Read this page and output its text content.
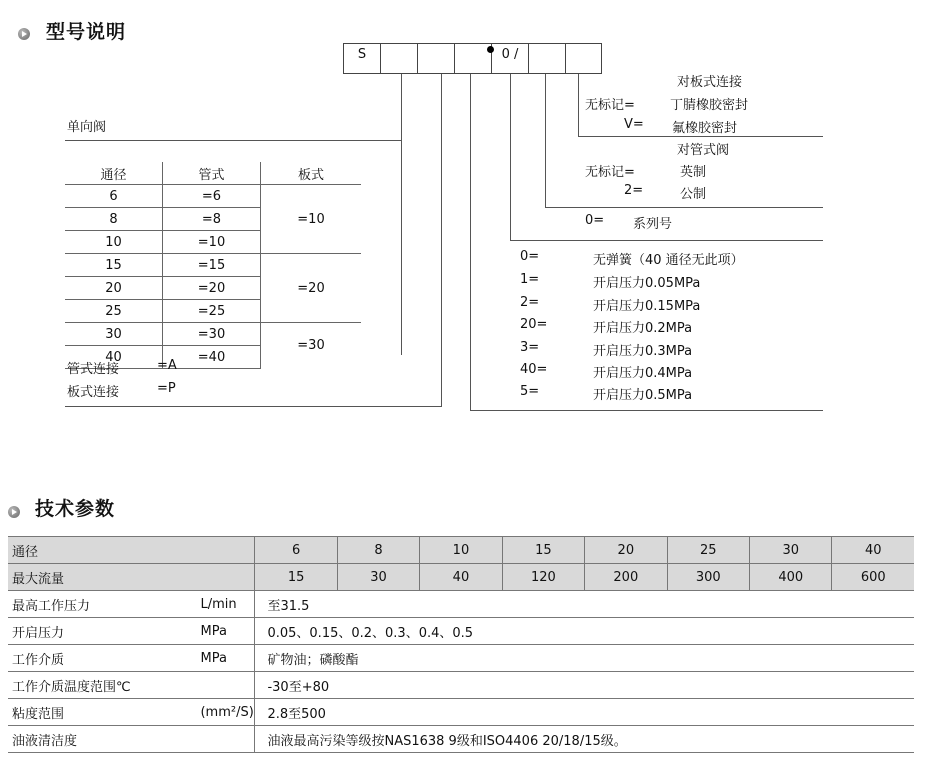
型号说明
S	0 /
单向阀
通径	管式	板式
6	=6	=10
8	=8	
10	=10	
15	=15	=20
20	=20	
25	=25	
30	=30	=30
40	=40	
管式连接	=A
板式连接	=P
对板式连接
无标记=	丁腈橡胶密封
V= 氟橡胶密封
对管式阀
无标记=	英制
2=	公制
0= 系列号
0=	无弹簧（40 通径无此项）
1=	开启压力0.05MPa
2=	开启压力0.15MPa
20=	开启压力0.2MPa
3=	开启压力0.3MPa
40=	开启压力0.4MPa
5=	开启压力0.5MPa
技术参数
通径		6	8	10	15	20	25	30	40
最大流量		15	30	40	120	200	300	400	600
最高工作压力	L/min	至31.5							
开启压力	MPa	0.05、0.15、0.2、0.3、0.4、0.5							
工作介质	MPa	矿物油；磷酸酯							
工作介质温度范围℃		-30至+80							
粘度范围	(mm²/S)	2.8至500							
油液清洁度		油液最高污染等级按NAS1638 9级和ISO4406 20/18/15级。							
